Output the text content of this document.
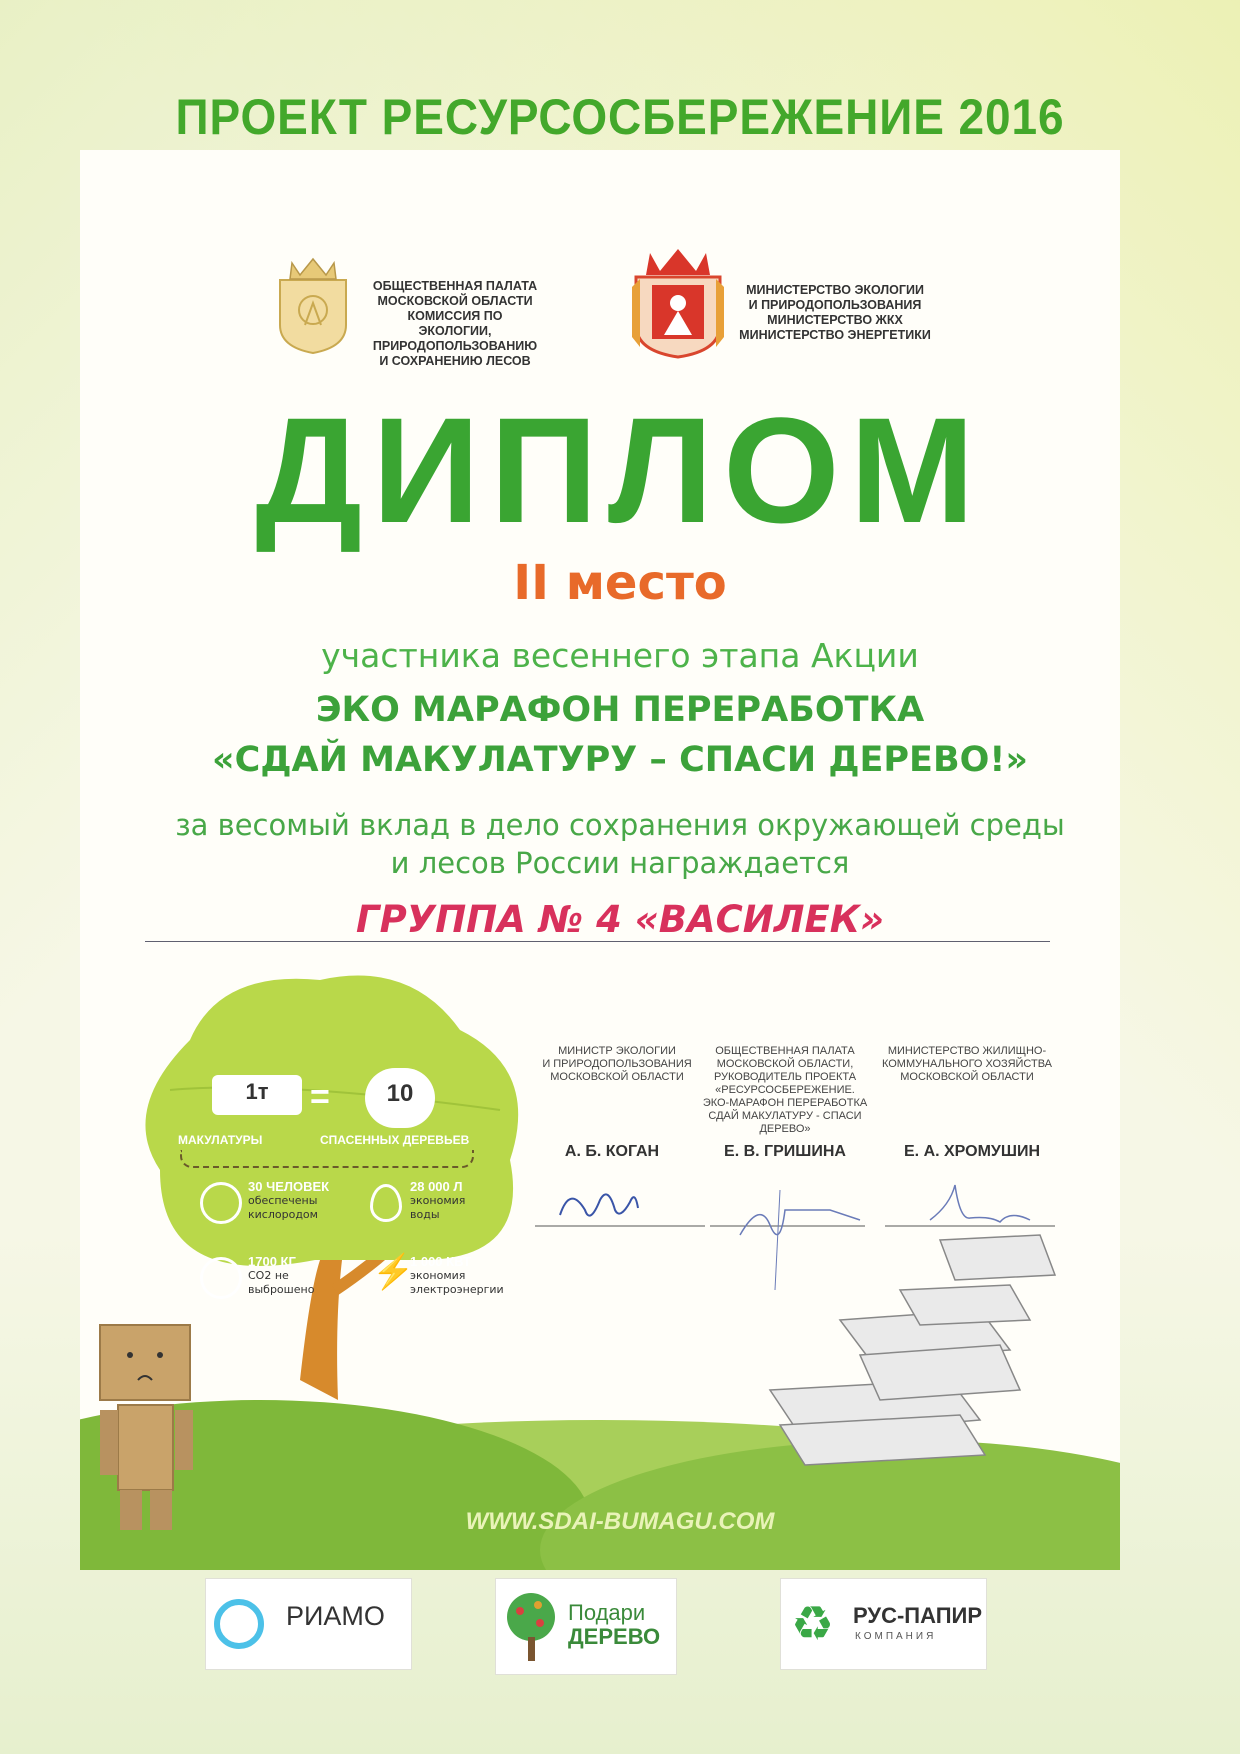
ПРОЕКТ РЕСУРСОСБЕРЕЖЕНИЕ 2016
ОБЩЕСТВЕННАЯ ПАЛАТА
МОСКОВСКОЙ ОБЛАСТИ
КОМИССИЯ ПО ЭКОЛОГИИ,
ПРИРОДОПОЛЬЗОВАНИЮ
И СОХРАНЕНИЮ ЛЕСОВ
МИНИСТЕРСТВО ЭКОЛОГИИ
И ПРИРОДОПОЛЬЗОВАНИЯ
МИНИСТЕРСТВО ЖКХ
МИНИСТЕРСТВО ЭНЕРГЕТИКИ
ДИПЛОМ
II место
участника весеннего этапа Акции
ЭКО МАРАФОН ПЕРЕРАБОТКА
«СДАЙ МАКУЛАТУРУ – СПАСИ ДЕРЕВО!»
за весомый вклад в дело сохранения окружающей среды
и лесов России награждается
ГРУППА № 4 «ВАСИЛЕК»
1т	=	10
МАКУЛАТУРЫ	СПАСЕННЫХ ДЕРЕВЬЕВ
30 ЧЕЛОВЕК
обеспечены
кислородом
28 000 Л
экономия
воды
1700 КГ
CO2 не
выброшено	⚡
1 000 КВТ
экономия
электроэнергии
МИНИСТР ЭКОЛОГИИ
И ПРИРОДОПОЛЬЗОВАНИЯ
МОСКОВСКОЙ ОБЛАСТИ
ОБЩЕСТВЕННАЯ ПАЛАТА
МОСКОВСКОЙ ОБЛАСТИ,
РУКОВОДИТЕЛЬ ПРОЕКТА
«РЕСУРСОСБЕРЕЖЕНИЕ.
ЭКО-МАРАФОН ПЕРЕРАБОТКА
СДАЙ МАКУЛАТУРУ - СПАСИ ДЕРЕВО»
МИНИСТЕРСТВО ЖИЛИЩНО-
КОММУНАЛЬНОГО ХОЗЯЙСТВА
МОСКОВСКОЙ ОБЛАСТИ
А. Б. КОГАН	Е. В. ГРИШИНА	Е. А. ХРОМУШИН
WWW.SDAI-BUMAGU.COM
РИАМО	Подари
ДЕРЕВО	♻ РУС-ПАПИР
КОМПАНИЯ
